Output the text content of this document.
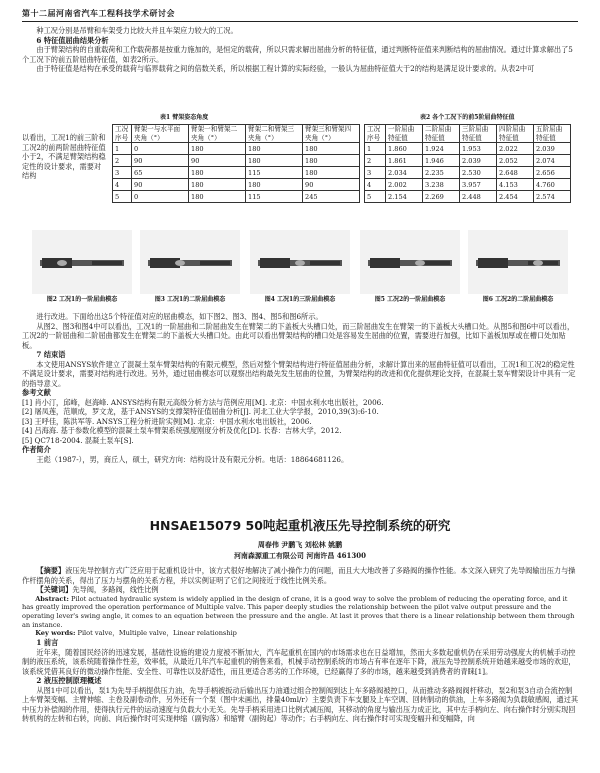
第十二届河南省汽车工程科技学术研讨会

种工况分别是吊臂和车架受力比较大并且车架应力较大的工况。

6 特征值屈曲结果分析

由于臂架结构的自重载荷和工作载荷都是按重力施加的，是恒定的载荷，所以只需求解出屈曲分析的特征值，通过判断特征值来判断结构的屈曲情况。通过计算求解出了5个工况下的前五阶屈曲特征值，如表2所示。

由于特征值是结构在承受的载荷与临界载荷之间的倍数关系，所以根据工程计算的实际经验，一般认为屈曲特征值大于2的结构是满足设计要求的。从表2中可

以看出，工况1的前三阶和工况2的前两阶屈曲特征值小于2，不满足臂架结构稳定性的设计要求，需要对结构

表1 臂架姿态角度
工况序号	臂架一与水平面夹角（°）	臂架一和臂架二夹角（°）	臂架二和臂架三夹角（°）	臂架三和臂架四夹角（°）
1	0	180	180	180
2	90	90	180	180
3	65	180	115	180
4	90	180	180	90
5	0	180	115	245
表2 各个工况下的前5阶屈曲特征值
工况序号	一阶屈曲特征值	二阶屈曲特征值	三阶屈曲特征值	四阶屈曲特征值	五阶屈曲特征值
1	1.860	1.924	1.953	2.022	2.039
2	1.861	1.946	2.039	2.052	2.074
3	2.034	2.235	2.530	2.648	2.656
4	2.002	3.238	3.957	4.153	4.760
5	2.154	2.269	2.448	2.454	2.574
图2 工况1的一阶屈曲模态	图3 工况1的二阶屈曲模态	图4 工况1的三阶屈曲模态	图5 工况2的一阶屈曲模态	图6 工况2的二阶屈曲模态

进行改进。下面给出这5个特征值对应的屈曲模态，如下图2、图3、图4、图5和图6所示。

从图2、图3和图4中可以看出，工况1的一阶屈曲和二阶屈曲发生在臂架二的下盖板大头槽口处，而三阶屈曲发生在臂架一的下盖板大头槽口处。从图5和图6中可以看出，工况2的一阶屈曲和二阶屈曲都发生在臂架二的下盖板大头槽口处。由此可以看出臂架结构的槽口处是容易发生屈曲的位置，需要进行加强，比如下盖板加厚或在槽口处加贴板。

7 结束语

本文使用ANSYS软件建立了混凝土泵车臂架结构的有限元模型，然后对整个臂架结构进行特征值屈曲分析，求解计算出来的屈曲特征值可以看出，工况1和工况2的稳定性不满足设计要求，需要对结构进行改进。另外，通过屈曲模态可以观察出结构最先发生屈曲的位置，为臂架结构的改进和优化提供理论支持，在混凝土泵车臂架设计中具有一定的指导意义。

参考文献

[1] 肖小汀，邱峰，赵海峰. ANSYS结构有限元高级分析方法与范例应用[M]. 北京：中国水利水电出版社，2006.

[2] 屠凤莲，范顺成，罗文龙，基于ANSYS的支撑架特征值屈曲分析[J]. 河北工业大学学报，2010,39(3):6-10.

[3] 王呼佳，陈洪军等. ANSYS工程分析进阶实例[M]. 北京：中国水利水电出版社，2006.

[4] 吕海海. 基于参数化模型的混凝土泵车臂架系统强度刚度分析及优化[D]. 长春：吉林大学，2012.

[5] QC718-2004. 混凝土泵车[S].

作者简介

王彪（1987-），男，商丘人，硕士，研究方向：结构设计及有限元分析。电话：18864681126。

HNSAE15079 50吨起重机液压先导控制系统的研究
周春伟 尹鹏飞 刘松林 姚鹏
河南森源重工有限公司 河南许昌 461300

【摘要】液压先导控制方式广泛应用于起重机设计中，该方式很好地解决了减小操作力的问题，而且大大地改善了多路阀的操作性能。本文深入研究了先导阀输出压力与操作杆摆角的关系，得出了压力与摆角的关系方程，并以实例证明了它们之间接近于线性比例关系。

【关键词】先导阀，多路阀，线性比例

Abstract: Pilot actuated hydraulic system is widely applied in the design of crane, it is a good way to solve the problem of reducing the operating force, and it has greatly improved the operation performance of Multiple valve. This paper deeply studies the relationship between the pilot valve output pressure and the operating lever's swing angle, it comes to an equation between the pressure and the angle. At last it proves that there is a linear relationship between them through an instance.

Key words: Pilot valve，Multiple valve，Linear relationship

1 前言

近年来，随着国民经济的迅速发展，基础性设施的建设力度被不断加大，汽车起重机在国内的市场需求也在日益增加，然而大多数起重机仍在采用劳动强度大的机械手动控制的液压系统，该系统随着操作性差，效率低，从最近几年汽车起重机的销售来看，机械手动控制系统的市场占有率在逐年下降，液压先导控制系统开始越来越受市场的欢迎，该系统凭借其良好的微动操作性能、安全性、可靠性以及舒适性，而且更适合恶劣的工作环境，已经赢得了多的市场，越来越受到消费者的青睐[1]。

2 液压控制原理概述

从图1中可以看出，泵1为先导手柄提供压力油，先导手柄被扳动后输出压力油通过组合控制阀到达上车多路阀被控口，从而推动多路阀阀杆移动，泵2和泵3自动合流控制上车臂架变幅、主臂伸缩、主卷及副卷动作，另外还有一个泵（图中未画出，排量40ml/r）主要负责下车支腿及上车空调、回转制动的供油，上车多路阀为负载敏感阀，通过其中压力补偿阀的作用，使得执行元件的运动速度与负载大小无关。先导手柄采用进口比例式减压阀，其移动的角度与输出压力成正比，其中左手柄向左、向右操作时分别实现回转机构的左转和右转，向前、向后操作时可实现伸缩（副钩落）和缩臂（副钩起）等动作；右手柄向左、向右操作时可实现变幅升和变幅降，向
